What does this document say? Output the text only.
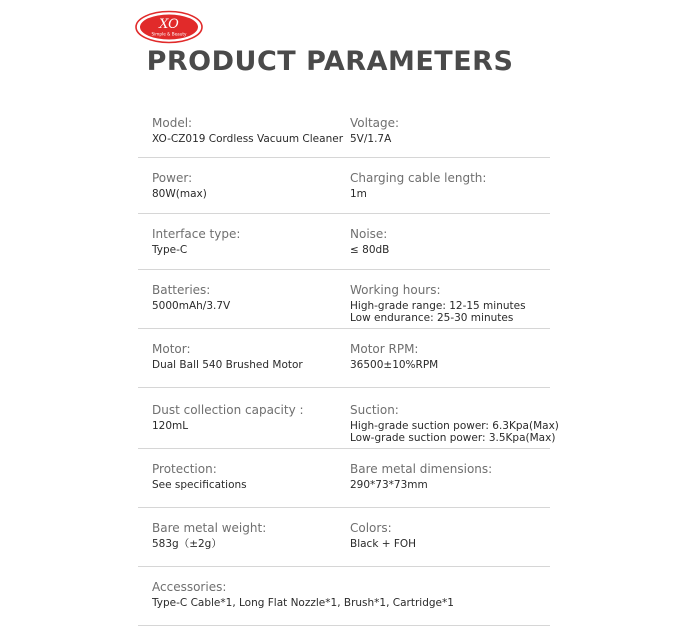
XO
Simple & Beauty
PRODUCT PARAMETERS
Model:
XO-CZ019 Cordless Vacuum Cleaner
Voltage:
5V/1.7A
Power:
80W(max)
Charging cable length:
1m
Interface type:
Type-C
Noise:
≤ 80dB
Batteries:
5000mAh/3.7V
Working hours:
High-grade range: 12-15 minutes
Low endurance: 25-30 minutes
Motor:
Dual Ball 540 Brushed Motor
Motor RPM:
36500±10%RPM
Dust collection capacity :
120mL
Suction:
High-grade suction power: 6.3Kpa(Max)
Low-grade suction power: 3.5Kpa(Max)
Protection:
See specifications
Bare metal dimensions:
290*73*73mm
Bare metal weight:
583g（±2g）
Colors:
Black + FOH
Accessories:
Type-C Cable*1, Long Flat Nozzle*1, Brush*1, Cartridge*1
